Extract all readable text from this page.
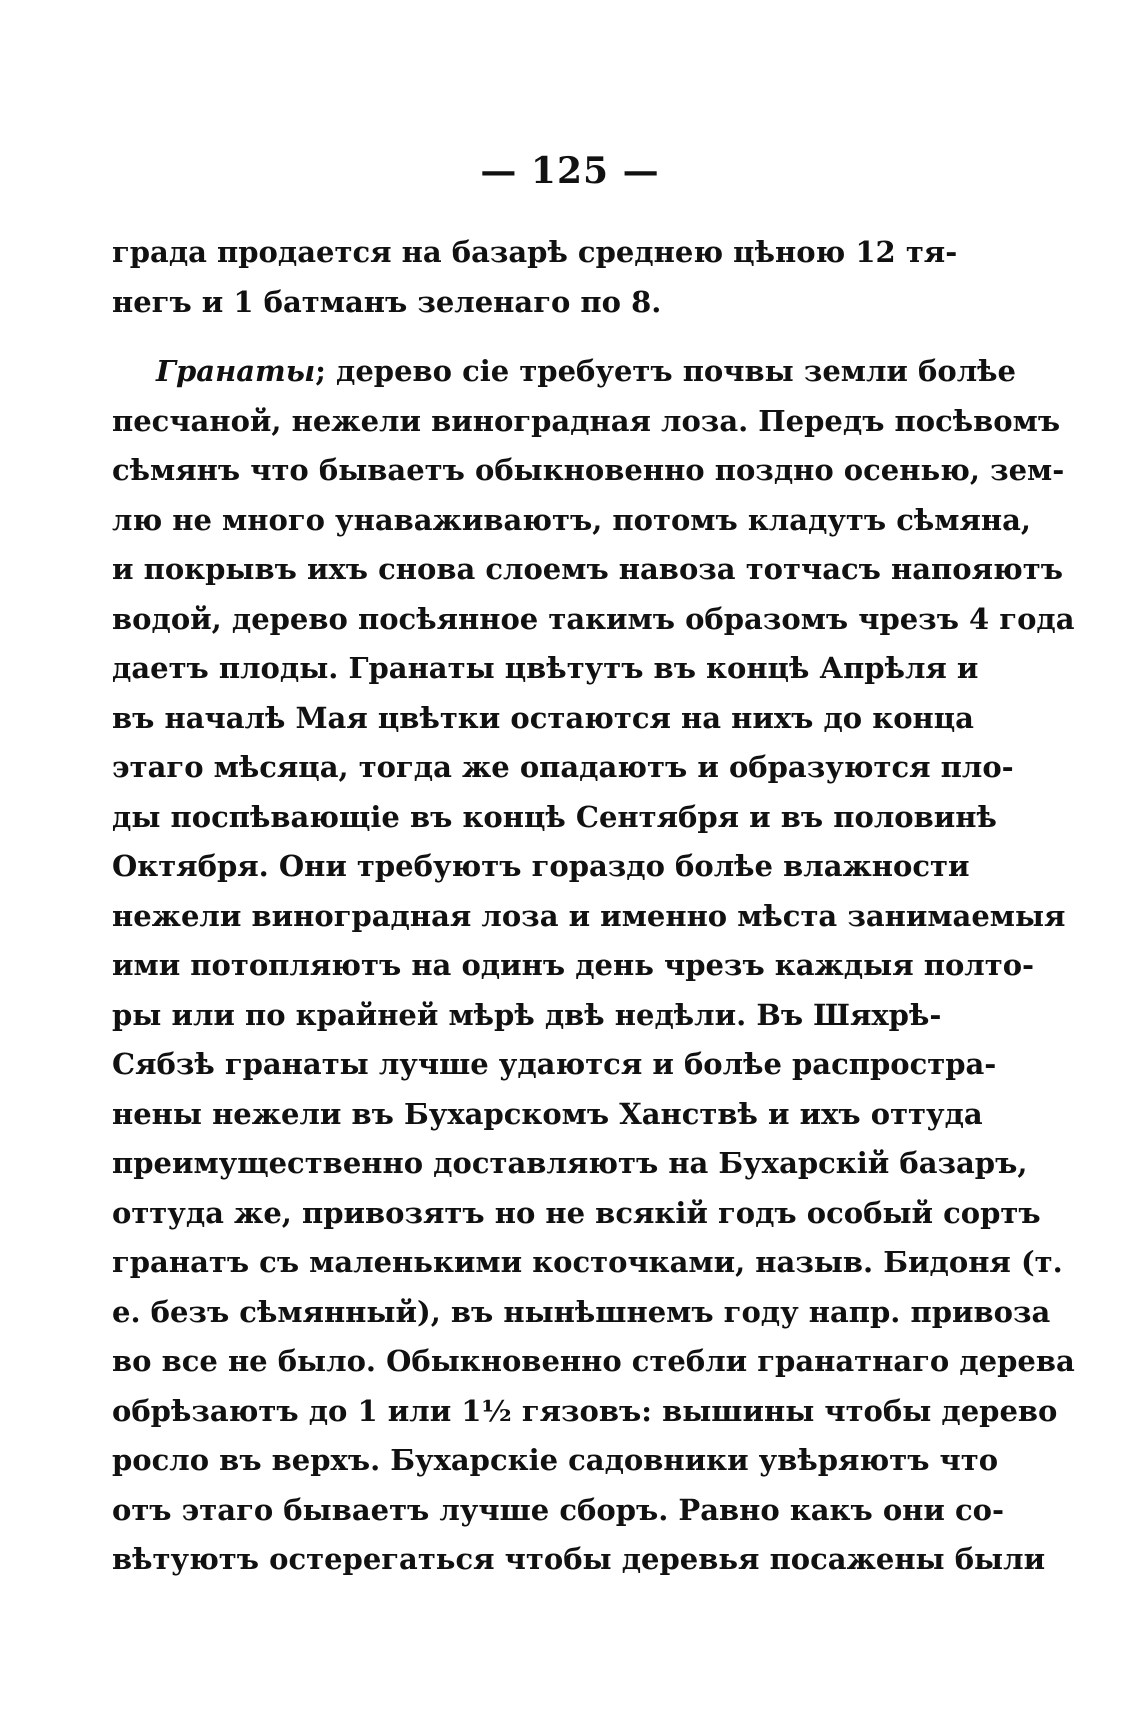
— 125 —
града продается на базарѣ среднею цѣною 12 тя-
негъ и 1 батманъ зеленаго по 8.
Гранаты; дерево сіе требуетъ почвы земли болѣе
песчаной, нежели виноградная лоза. Передъ посѣвомъ
сѣмянъ что бываетъ обыкновенно поздно осенью, зем-
лю не много унаваживаютъ, потомъ кладутъ сѣмяна,
и покрывъ ихъ снова слоемъ навоза тотчасъ напояютъ
водой, дерево посѣянное такимъ образомъ чрезъ 4 года
даетъ плоды. Гранаты цвѣтутъ въ концѣ Апрѣля и
въ началѣ Мая цвѣтки остаются на нихъ до конца
этаго мѣсяца, тогда же опадаютъ и образуются пло-
ды поспѣвающіе въ концѣ Сентября и въ половинѣ
Октября. Они требуютъ гораздо болѣе влажности
нежели виноградная лоза и именно мѣста занимаемыя
ими потопляютъ на одинъ день чрезъ каждыя полто-
ры или по крайней мѣрѣ двѣ недѣли. Въ Шяхрѣ-
Сябзѣ гранаты лучше удаются и болѣе распростра-
нены нежели въ Бухарскомъ Ханствѣ и ихъ оттуда
преимущественно доставляютъ на Бухарскій базаръ,
оттуда же, привозятъ но не всякій годъ особый сортъ
гранатъ съ маленькими косточками, назыв. Бидоня (т.
е. безъ сѣмянный), въ нынѣшнемъ году напр. привоза
во все не было. Обыкновенно стебли гранатнаго дерева
обрѣзаютъ до 1 или 1½ гязовъ: вышины чтобы дерево
росло въ верхъ. Бухарскіе садовники увѣряютъ что
отъ этаго бываетъ лучше сборъ. Равно какъ они со-
вѣтуютъ остерегаться чтобы деревья посажены были
